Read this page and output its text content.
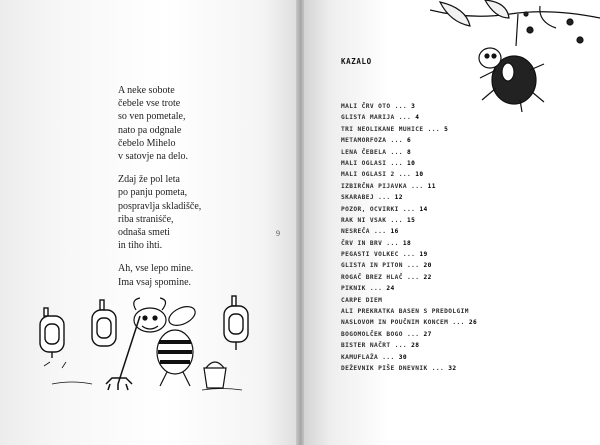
A neke sobote
čebele vse trote
so ven pometale,
nato pa odgnale
čebelo Mihelo
v satovje na delo.
Zdaj že pol leta
po panju pometa,
pospravlja skladišče,
riba straniśče,
odnaša smeti
in tiho ihti.
Ah, vse lepo mine.
Ima vsaj spomine.
9
KAZALO
MALI ČRV OTO ... 3
GLISTA MARIJA ... 4
TRI NEOLIKANE MUHICE ... 5
METAMORFOZA ... 6
LENA ČEBELA ... 8
MALI OGLASI ... 10
MALI OGLASI 2 ... 10
IZBIRČNA PIJAVKA ... 11
SKARABEJ ... 12
POZOR, OCVIRKI ... 14
RAK NI VSAK ... 15
NESREČA ... 16
ČRV IN BRV ... 18
PEGASTI VOLKEC ... 19
GLISTA IN PITON ... 20
ROGAČ BREZ HLAČ ... 22
PIKNIK ... 24
CARPE DIEM
ALI PREKRATKA BASEN S PREDOLGIM
NASLOVOM IN POUČNIM KONCEM ... 26
BOGOMOLČEK BOGO ... 27
BISTER NAČRT ... 28
KAMUFLAŽA ... 30
DEŽEVNIK PIŠE DNEVNIK ... 32
